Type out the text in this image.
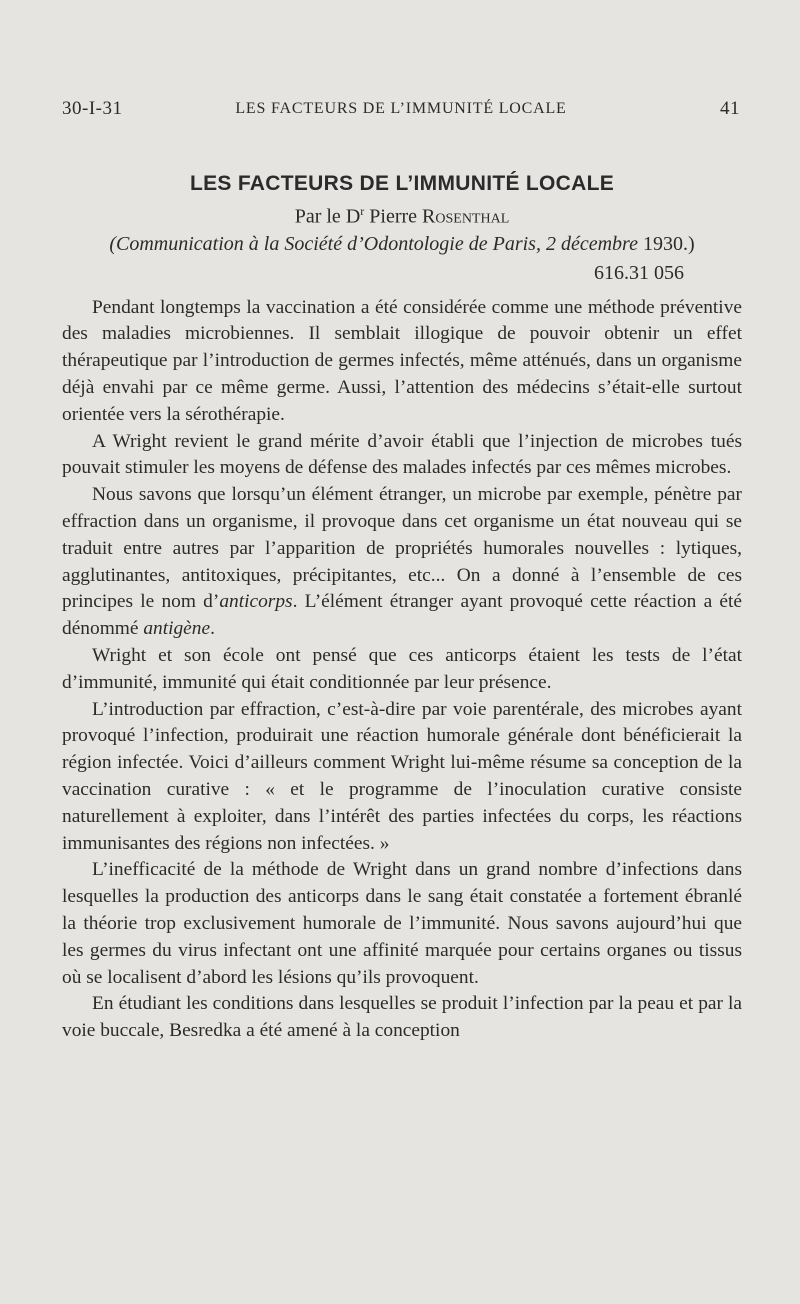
30-I-31	LES FACTEURS DE L’IMMUNITÉ LOCALE	41
LES FACTEURS DE L’IMMUNITÉ LOCALE

Par le $D^r$ Pierre Rosenthal

(Communication à la Société d’Odontologie de Paris, 2 décembre 1930.)

616.31 056

Pendant longtemps la vaccination a été considérée comme une méthode préventive des maladies microbiennes. Il semblait illogique de pouvoir obtenir un effet thérapeutique par l’introduction de germes infectés, même atténués, dans un organisme déjà envahi par ce même germe. Aussi, l’attention des médecins s’était-elle surtout orientée vers la sérothérapie.

A Wright revient le grand mérite d’avoir établi que l’injection de microbes tués pouvait stimuler les moyens de défense des malades infectés par ces mêmes microbes.

Nous savons que lorsqu’un élément étranger, un microbe par exemple, pénètre par effraction dans un organisme, il provoque dans cet organisme un état nouveau qui se traduit entre autres par l’apparition de propriétés humorales nouvelles : lytiques, agglutinantes, antitoxiques, précipitantes, etc... On a donné à l’ensemble de ces principes le nom d’anticorps. L’élément étranger ayant provoqué cette réaction a été dénommé antigène.

Wright et son école ont pensé que ces anticorps étaient les tests de l’état d’immunité, immunité qui était conditionnée par leur présence.

L’introduction par effraction, c’est-à-dire par voie parentérale, des microbes ayant provoqué l’infection, produirait une réaction humorale générale dont bénéficierait la région infectée. Voici d’ailleurs comment Wright lui-même résume sa conception de la vaccination curative : « et le programme de l’inoculation curative consiste naturellement à exploiter, dans l’intérêt des parties infectées du corps, les réactions immunisantes des régions non infectées. »

L’inefficacité de la méthode de Wright dans un grand nombre d’infections dans lesquelles la production des anticorps dans le sang était constatée a fortement ébranlé la théorie trop exclusivement humorale de l’immunité. Nous savons aujourd’hui que les germes du virus infectant ont une affinité marquée pour certains organes ou tissus où se localisent d’abord les lésions qu’ils provoquent.

En étudiant les conditions dans lesquelles se produit l’infection par la peau et par la voie buccale, Besredka a été amené à la conception
